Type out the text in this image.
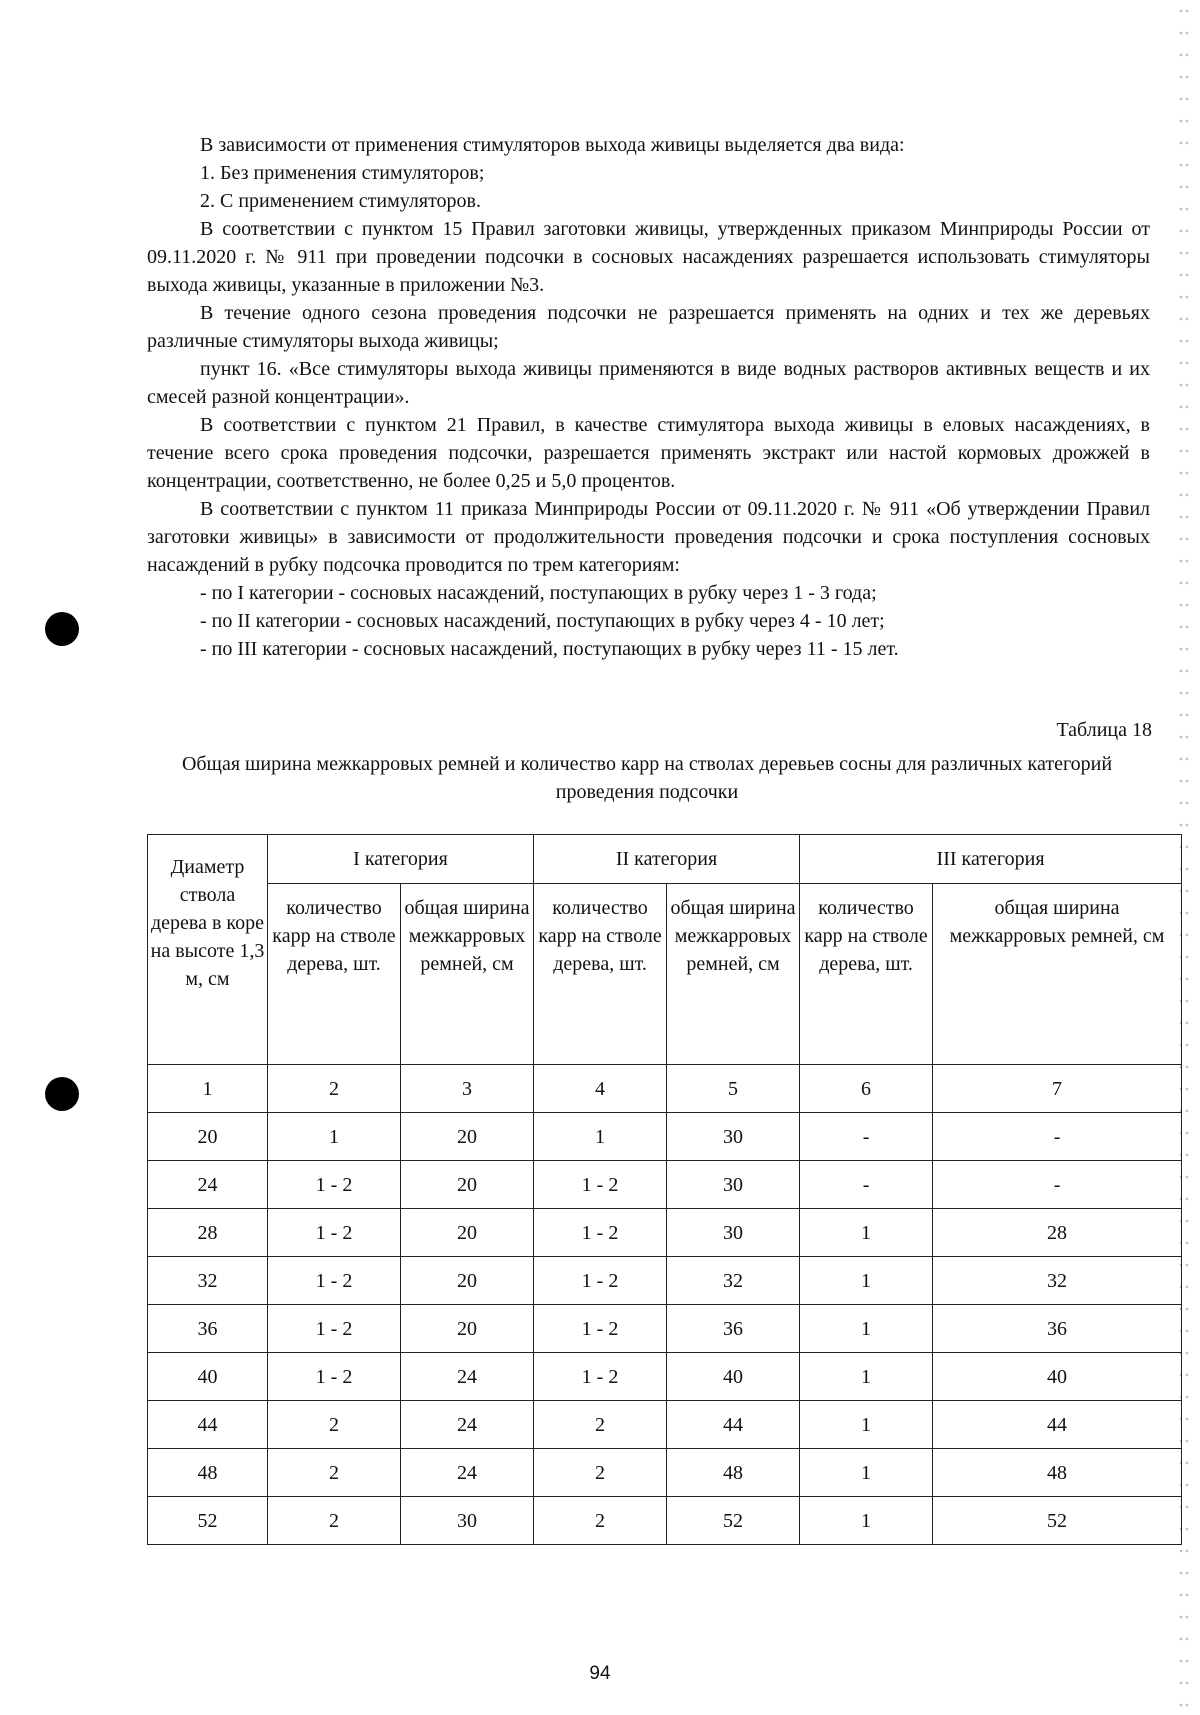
В зависимости от применения стимуляторов выхода живицы выделяется два вида:

1. Без применения стимуляторов;

2. С применением стимуляторов.

В соответствии с пунктом 15 Правил заготовки живицы, утвержденных приказом Минприроды России от 09.11.2020 г. № 911 при проведении подсочки в сосновых насаждениях разрешается использовать стимуляторы выхода живицы, указанные в приложении №3.

В течение одного сезона проведения подсочки не разрешается применять на одних и тех же деревьях различные стимуляторы выхода живицы;

пункт 16. «Все стимуляторы выхода живицы применяются в виде водных растворов активных веществ и их смесей разной концентрации».

В соответствии с пунктом 21 Правил, в качестве стимулятора выхода живицы в еловых насаждениях, в течение всего срока проведения подсочки, разрешается применять экстракт или настой кормовых дрожжей в концентрации, соответственно, не более 0,25 и 5,0 процентов.

В соответствии с пунктом 11 приказа Минприроды России от 09.11.2020 г. № 911 «Об утверждении Правил заготовки живицы» в зависимости от продолжительности проведения подсочки и срока поступления сосновых насаждений в рубку подсочка проводится по трем категориям:

- по I категории - сосновых насаждений, поступающих в рубку через 1 - 3 года;

- по II категории - сосновых насаждений, поступающих в рубку через 4 - 10 лет;

- по III категории - сосновых насаждений, поступающих в рубку через 11 - 15 лет.

Таблица 18
Общая ширина межкарровых ремней и количество карр на стволах деревьев сосны для различных категорий проведения подсочки
Диаметр ствола дерева в коре на высоте 1,3 м, см	I категория		II категория		III категория	
	количество карр на стволе дерева, шт.	общая ширина межкарровых ремней, см	количество карр на стволе дерева, шт.	общая ширина межкарровых ремней, см	количество карр на стволе дерева, шт.	общая ширина межкарровых ремней, см
1	2	3	4	5	6	7
20	1	20	1	30	-	-
24	1 - 2	20	1 - 2	30	-	-
28	1 - 2	20	1 - 2	30	1	28
32	1 - 2	20	1 - 2	32	1	32
36	1 - 2	20	1 - 2	36	1	36
40	1 - 2	24	1 - 2	40	1	40
44	2	24	2	44	1	44
48	2	24	2	48	1	48
52	2	30	2	52	1	52
94
